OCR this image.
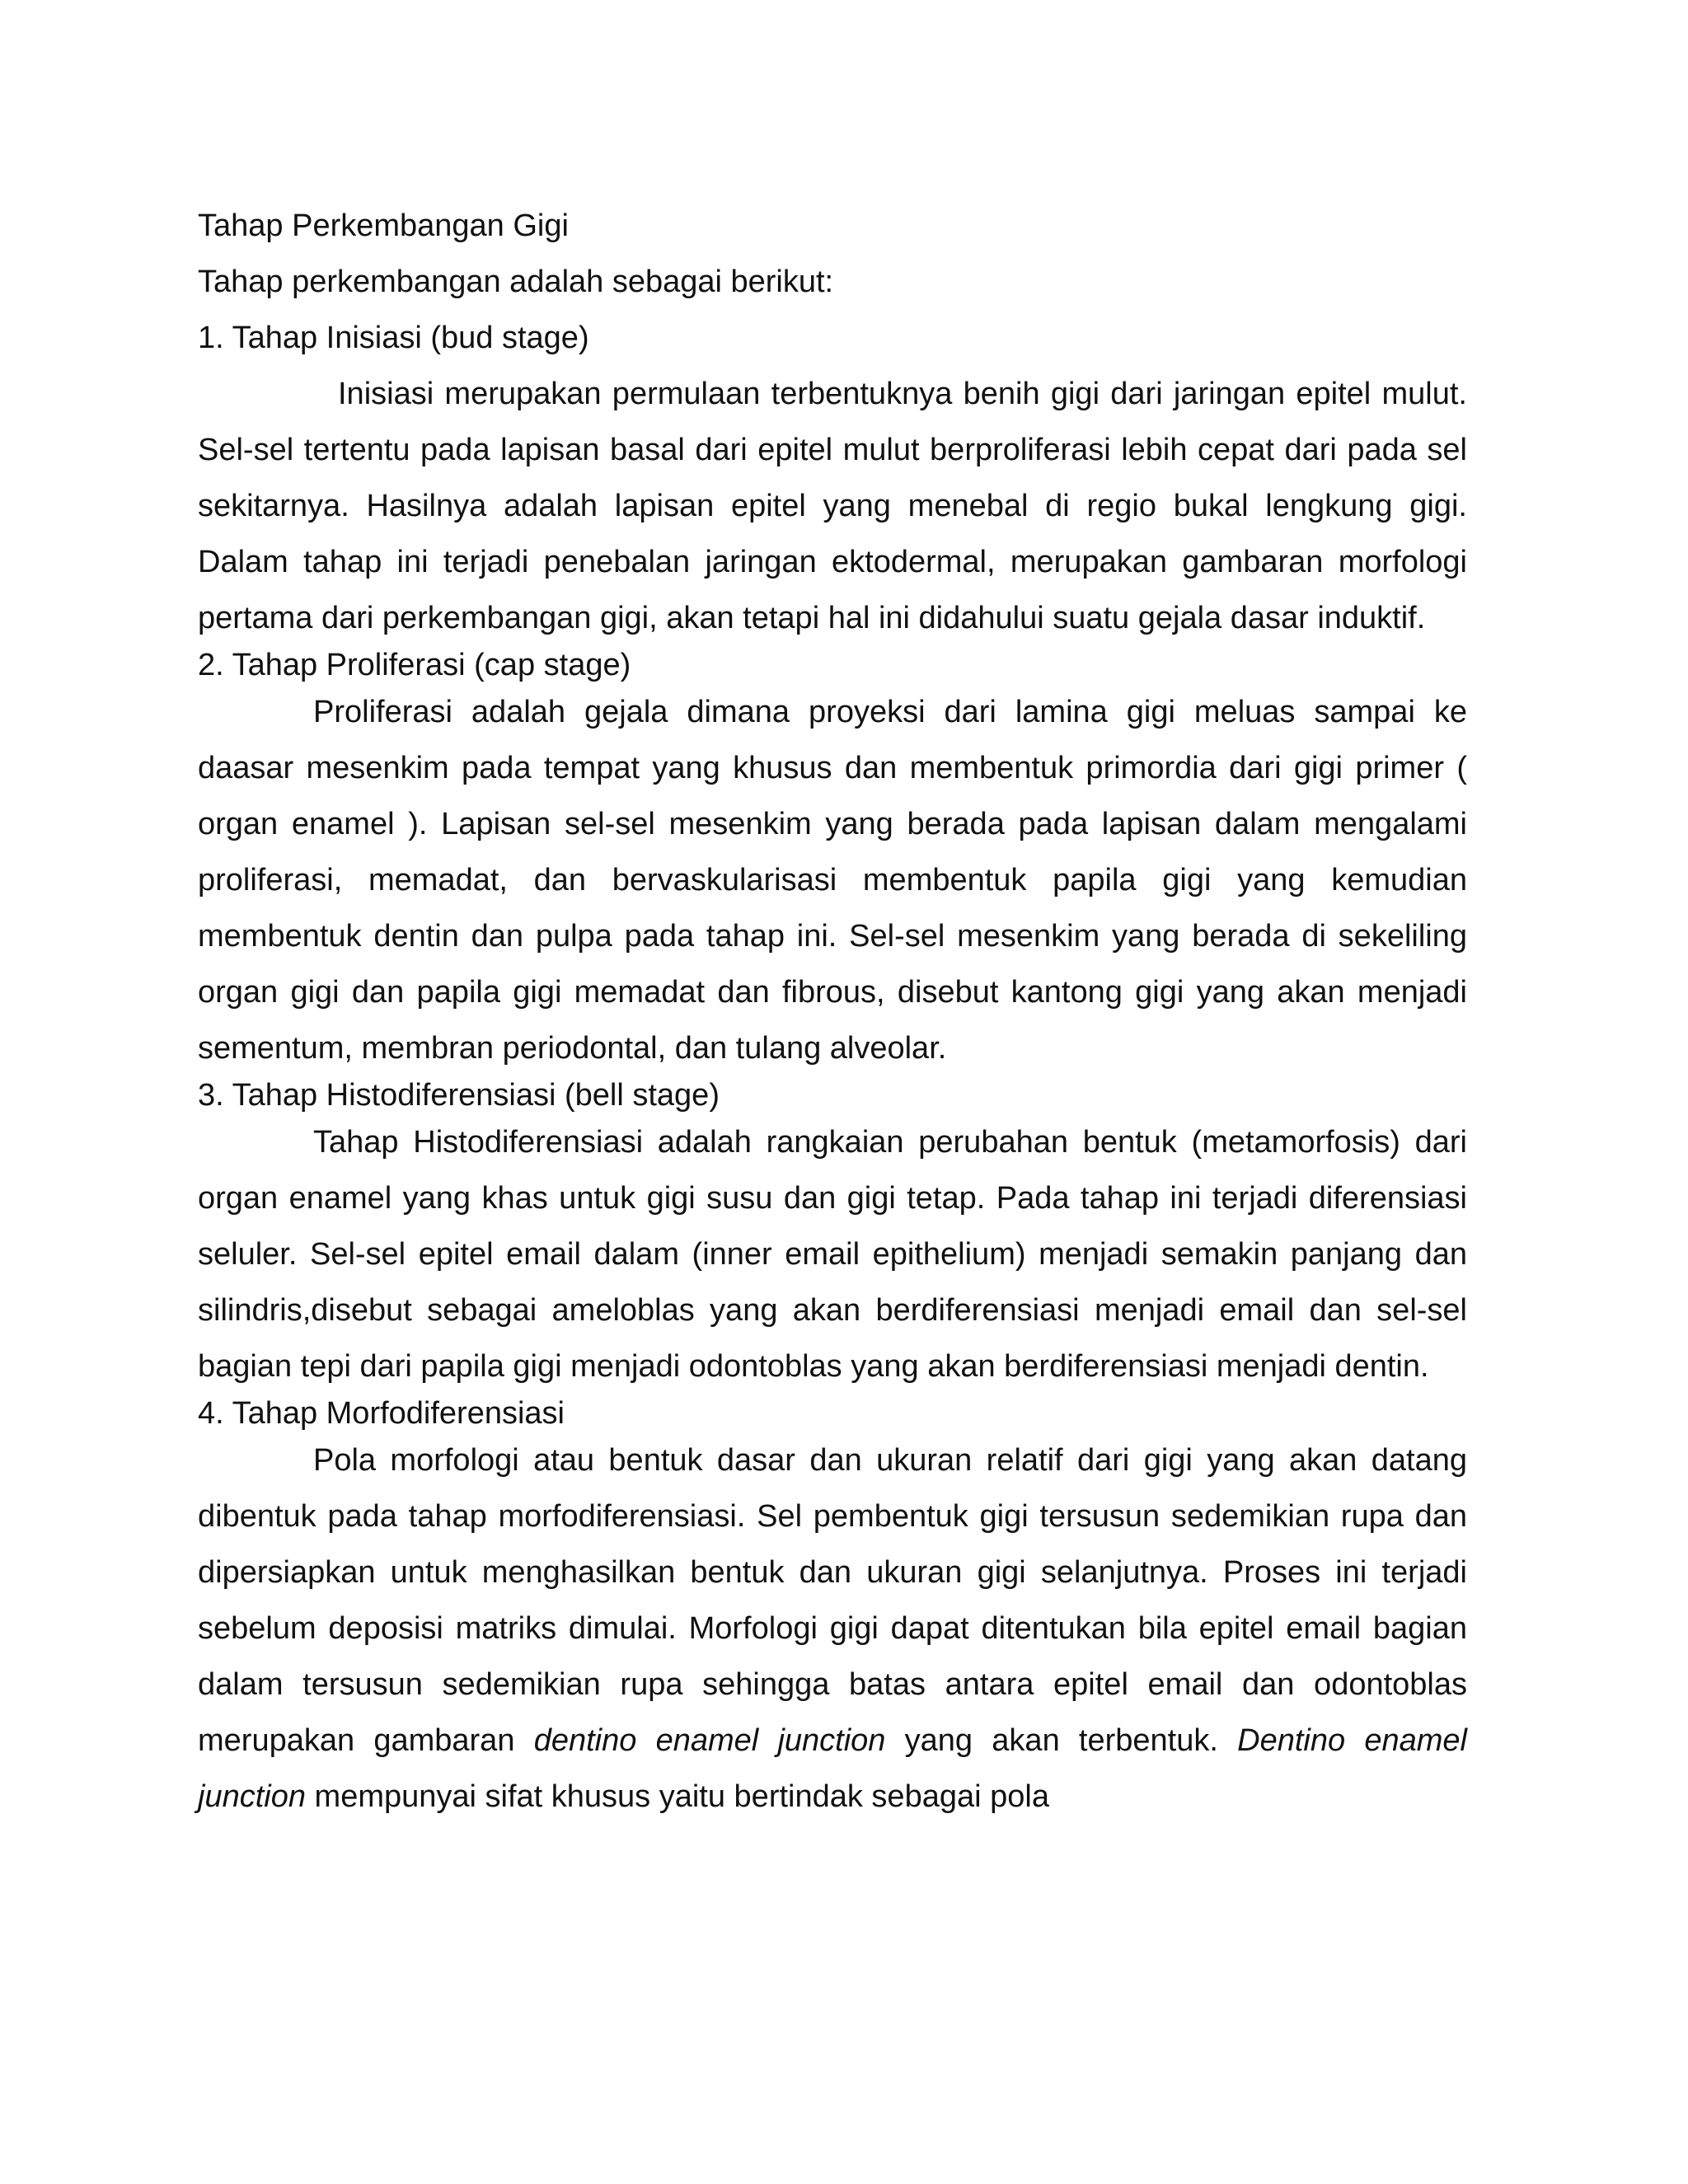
Tahap Perkembangan Gigi

Tahap perkembangan adalah sebagai berikut:

1. Tahap Inisiasi (bud stage)

Inisiasi merupakan permulaan terbentuknya benih gigi dari jaringan epitel mulut. Sel-sel tertentu pada lapisan basal dari epitel mulut berproliferasi lebih cepat dari pada sel sekitarnya. Hasilnya adalah lapisan epitel yang menebal di regio bukal lengkung gigi. Dalam tahap ini terjadi penebalan jaringan ektodermal, merupakan gambaran morfologi pertama dari perkembangan gigi, akan tetapi hal ini didahului suatu gejala dasar induktif.

2. Tahap Proliferasi (cap stage)

Proliferasi adalah gejala dimana proyeksi dari lamina gigi meluas sampai ke daasar mesenkim pada tempat yang khusus dan membentuk primordia dari gigi primer ( organ enamel ). Lapisan sel-sel mesenkim yang berada pada lapisan dalam mengalami proliferasi, memadat, dan bervaskularisasi membentuk papila gigi yang kemudian membentuk dentin dan pulpa pada tahap ini. Sel-sel mesenkim yang berada di sekeliling organ gigi dan papila gigi memadat dan fibrous, disebut kantong gigi yang akan menjadi sementum, membran periodontal, dan tulang alveolar.

3. Tahap Histodiferensiasi (bell stage)

Tahap Histodiferensiasi adalah rangkaian perubahan bentuk (metamorfosis) dari organ enamel yang khas untuk gigi susu dan gigi tetap. Pada tahap ini terjadi diferensiasi seluler. Sel-sel epitel email dalam (inner email epithelium) menjadi semakin panjang dan silindris,disebut sebagai ameloblas yang akan berdiferensiasi menjadi email dan sel-sel bagian tepi dari papila gigi menjadi odontoblas yang akan berdiferensiasi menjadi dentin.

4. Tahap Morfodiferensiasi

Pola morfologi atau bentuk dasar dan ukuran relatif dari gigi yang akan datang dibentuk pada tahap morfodiferensiasi. Sel pembentuk gigi tersusun sedemikian rupa dan dipersiapkan untuk menghasilkan bentuk dan ukuran gigi selanjutnya. Proses ini terjadi sebelum deposisi matriks dimulai. Morfologi gigi dapat ditentukan bila epitel email bagian dalam tersusun sedemikian rupa sehingga batas antara epitel email dan odontoblas merupakan gambaran dentino enamel junction yang akan terbentuk. Dentino enamel junction mempunyai sifat khusus yaitu bertindak sebagai pola
